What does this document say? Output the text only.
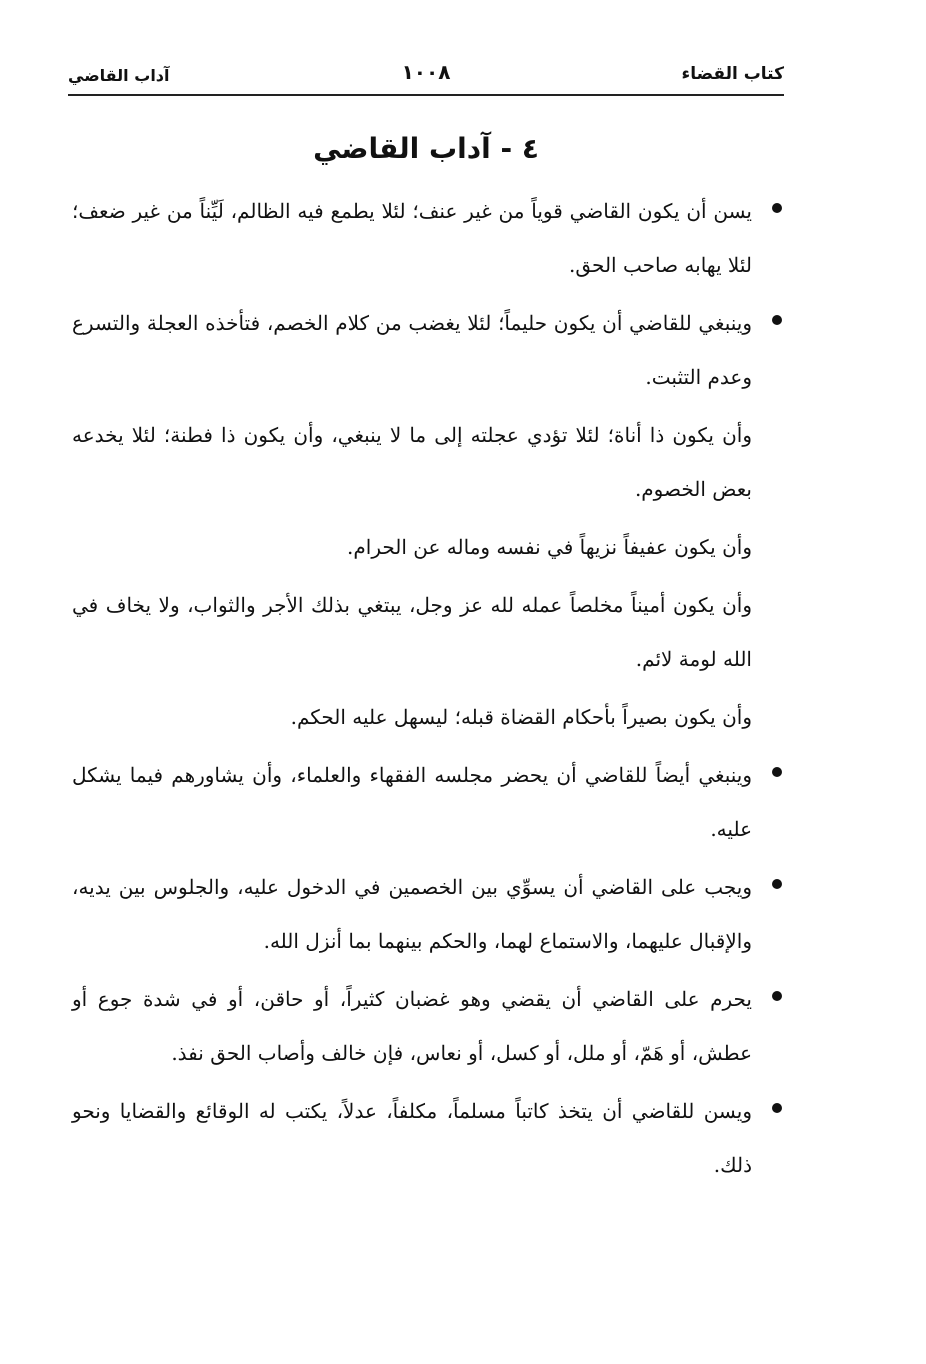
كتاب القضاء
١٠٠٨
آداب القاضي
٤ - آداب القاضي

يسن أن يكون القاضي قوياً من غير عنف؛ لئلا يطمع فيه الظالم، لَيِّناً من غير ضعف؛ لئلا يهابه صاحب الحق.

وينبغي للقاضي أن يكون حليماً؛ لئلا يغضب من كلام الخصم، فتأخذه العجلة والتسرع وعدم التثبت.

وأن يكون ذا أناة؛ لئلا تؤدي عجلته إلى ما لا ينبغي، وأن يكون ذا فطنة؛ لئلا يخدعه بعض الخصوم.

وأن يكون عفيفاً نزيهاً في نفسه وماله عن الحرام.

وأن يكون أميناً مخلصاً عمله لله عز وجل، يبتغي بذلك الأجر والثواب، ولا يخاف في الله لومة لائم.

وأن يكون بصيراً بأحكام القضاة قبله؛ ليسهل عليه الحكم.

وينبغي أيضاً للقاضي أن يحضر مجلسه الفقهاء والعلماء، وأن يشاورهم فيما يشكل عليه.

ويجب على القاضي أن يسوِّي بين الخصمين في الدخول عليه، والجلوس بين يديه، والإقبال عليهما، والاستماع لهما، والحكم بينهما بما أنزل الله.

يحرم على القاضي أن يقضي وهو غضبان كثيراً، أو حاقن، أو في شدة جوع أو عطش، أو هَمّ، أو ملل، أو كسل، أو نعاس، فإن خالف وأصاب الحق نفذ.

ويسن للقاضي أن يتخذ كاتباً مسلماً، مكلفاً، عدلاً، يكتب له الوقائع والقضايا ونحو ذلك.
